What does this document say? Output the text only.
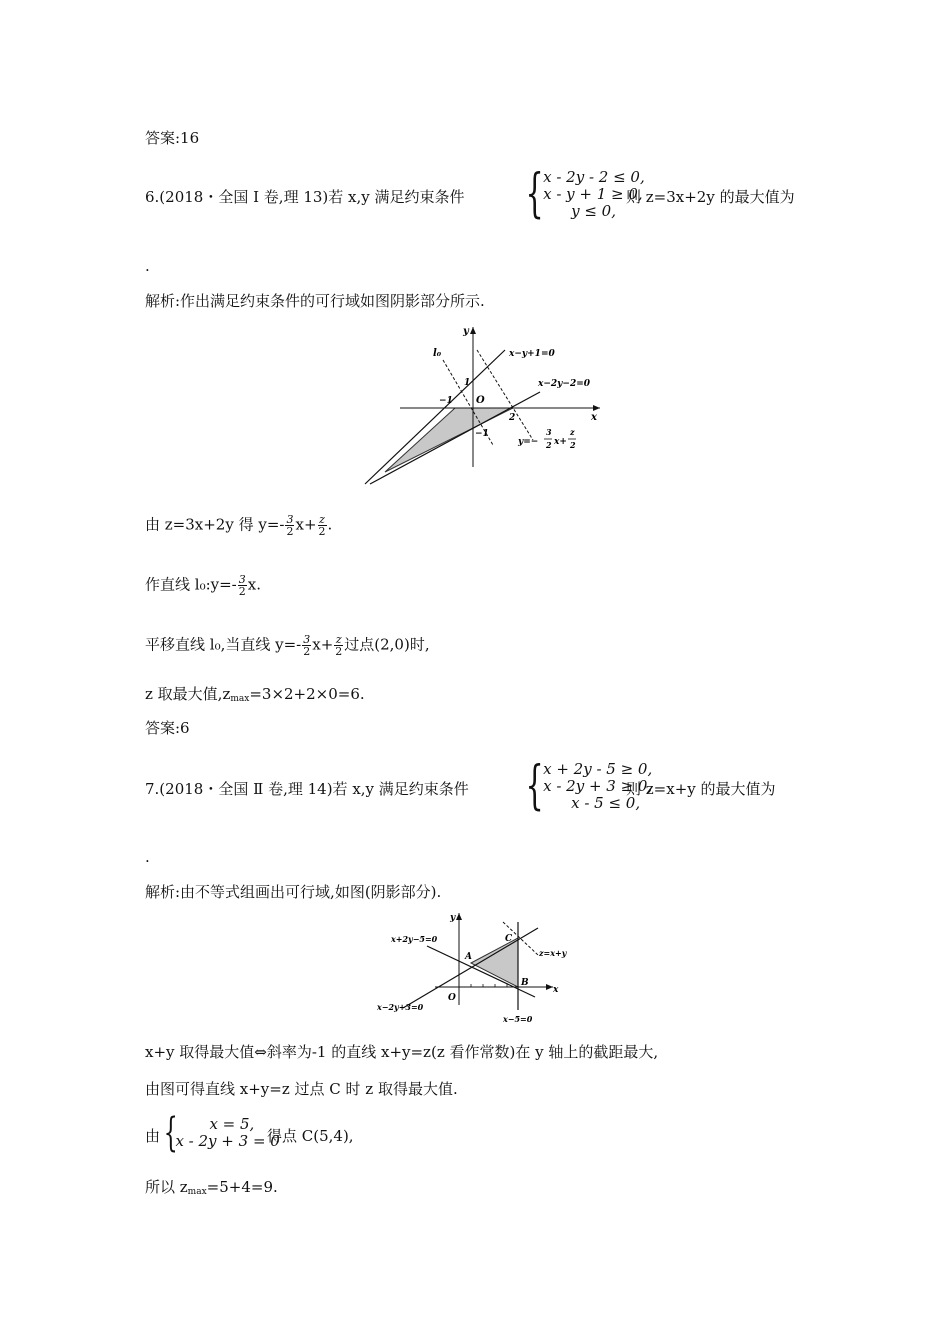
答案:16
6.(2018・全国 Ⅰ 卷,理 13)若 x,y 满足约束条件 { x - 2y - 2 ≤ 0,
x - y + 1 ≥ 0,
y ≤ 0,
则 z=3x+2y 的最大值为
.
解析:作出满足约束条件的可行域如图阴影部分所示.
y
x
O
l₀	x−y+1=0
x−2y−2=0
1
−1
2
−1
y=−
3
2 x+
z
2
由 z=3x+2y 得 $y=- \frac{3}{2} x+ \frac{z}{2}$ .
作直线 l₀:y=- $\frac{3}{2} x$.
平移直线 l₀,当直线 $y=- \frac{3}{2} x+ \frac{z}{2}$ 过点(2,0)时,
z 取最大值$,z_{max}=3\times 2+2\times 0=6$.
答案:6
7.(2018・全国 Ⅱ 卷,理 14)若 x,y 满足约束条件 { x + 2y - 5 ≥ 0,
x - 2y + 3 ≥ 0,
x - 5 ≤ 0,
则 z=x+y 的最大值为
.
解析:由不等式组画出可行域,如图(阴影部分).
y
x
O
A
B
C
x+2y−5=0
x−2y+3=0
x−5=0
z=x+y
x+y 取得最大值⇔斜率为-1 的直线 x+y=z(z 看作常数)在 y 轴上的截距最大,
由图可得直线 x+y=z 过点 C 时 z 取得最大值.
由 {	x = 5,
x - 2y + 3 = 0
得点 C(5,4),
所以 $z_{max}=5+4=9$.
